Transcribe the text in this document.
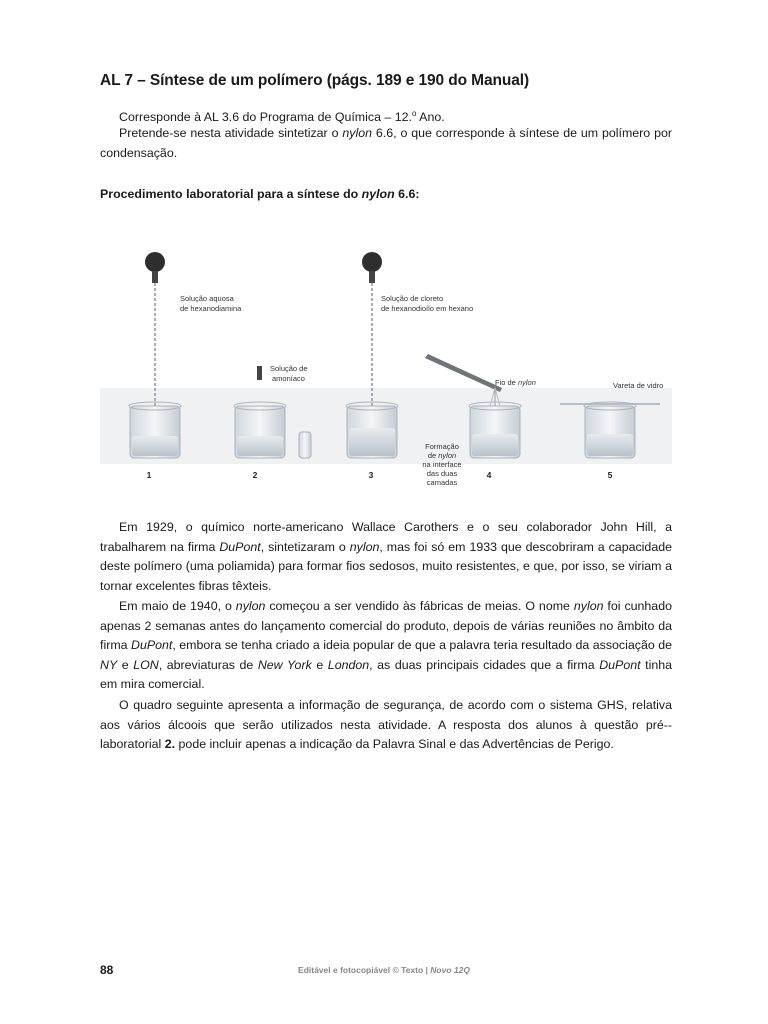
AL 7 – Síntese de um polímero (págs. 189 e 190 do Manual)

Corresponde à AL 3.6 do Programa de Química – 12.$^o$ Ano.

Pretende-se nesta atividade sintetizar o nylon 6.6, o que corresponde à síntese de um polímero por condensação.

Procedimento laboratorial para a síntese do nylon 6.6:

Solução aquosa
de hexanodiamina
Solução de
amoníaco
Solução de cloreto
de hexanodioílo em hexano
Fio de nylon	Vareta de vidro
Formação
de nylon
na interface
das duas
camadas
1	2	3	4	5

Em 1929, o químico norte-americano Wallace Carothers e o seu colaborador John Hill, a trabalharem na firma DuPont, sintetizaram o nylon, mas foi só em 1933 que descobriram a capacidade deste polímero (uma poliamida) para formar fios sedosos, muito resistentes, e que, por isso, se viriam a tornar excelentes fibras têxteis.

Em maio de 1940, o nylon começou a ser vendido às fábricas de meias. O nome nylon foi cunhado apenas 2 semanas antes do lançamento comercial do produto, depois de várias reuniões no âmbito da firma DuPont, embora se tenha criado a ideia popular de que a palavra teria resultado da associação de NY e LON, abreviaturas de New York e London, as duas principais cidades que a firma DuPont tinha em mira comercial.

O quadro seguinte apresenta a informação de segurança, de acordo com o sistema GHS, relativa aos vários álcoois que serão utilizados nesta atividade. A resposta dos alunos à questão pré--laboratorial 2. pode incluir apenas a indicação da Palavra Sinal e das Advertências de Perigo.

88	Editável e fotocopiável © Texto | Novo 12Q
